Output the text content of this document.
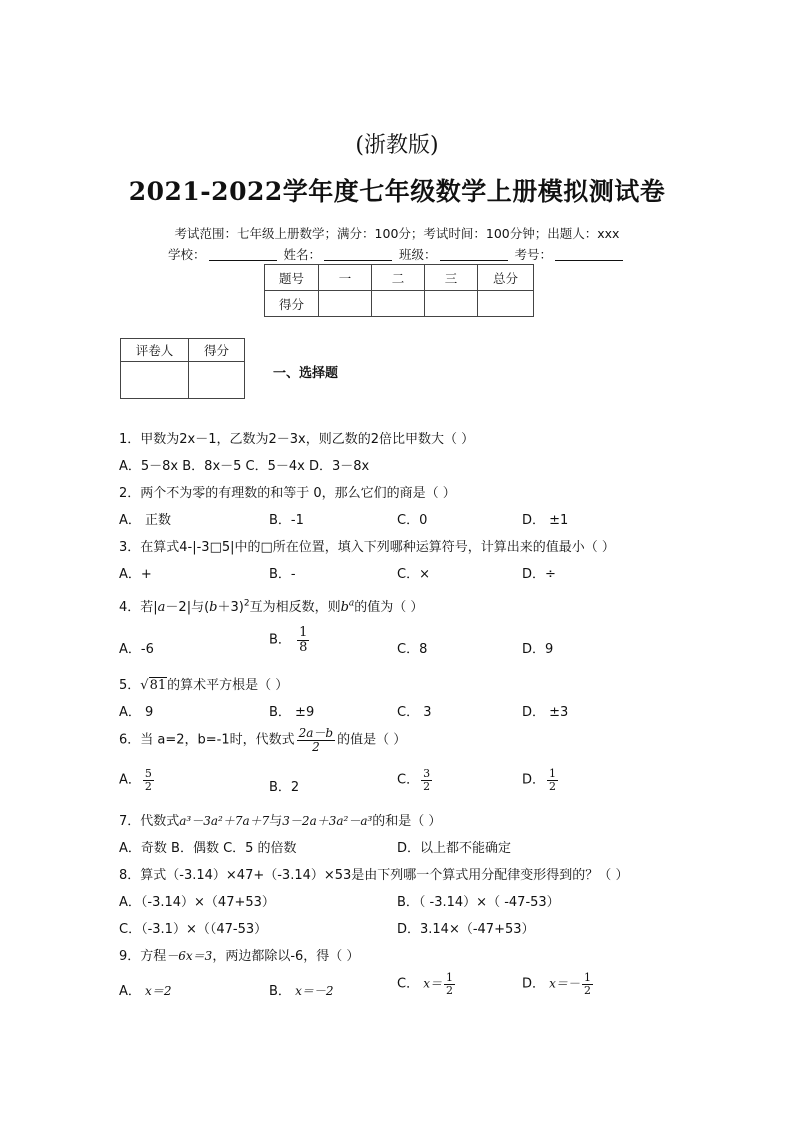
(浙教版)
2021-2022学年度七年级数学上册模拟测试卷
考试范围：七年级上册数学；满分：100分；考试时间：100分钟；出题人：xxx
学校：	姓名：	班级：	考号：
题号	一	二	三	总分
得分				
评卷人	得分

一、选择题
1．甲数为2x－1，乙数为2－3x，则乙数的2倍比甲数大（ ）
A．5－8x B．8x－5 C．5－4x D．3－8x
2．两个不为零的有理数的和等于 0，那么它们的商是（ ）
A． 正数	B．-1	C．0	D． ±1
3．在算式4-|-3□5|中的□所在位置，填入下列哪种运算符号，计算出来的值最小（ ）
A．+	B．-	C．×	D．÷
4．若|a－2|与$(b+3)^2$互为相反数，则$b^a$的值为（ ）
A．-6
B． $\frac{1}{8}$	C．8	D．9
5．√81的算术平方根是（ ）
A． 9	B． ±9	C． 3	D． ±3
6．当 a=2，b=-1时，代数式 $\frac{2a-b}{2}$ 的值是（ ）
A． $\frac{5}{2}$	B．2	C． $\frac{3}{2}$	D． $\frac{1}{2}$
7．代数式a³－3a²＋7a＋7与3－2a＋3a²－a³的和是（ ）
A．奇数 B．偶数 C．5 的倍数	D．以上都不能确定
8．算式（-3.14）×47+（-3.14）×53是由下列哪一个算式用分配律变形得到的？（ ）
A．（-3.14）×（47+53）	B．（ -3.14）×（ -47-53）
C．（-3.1）×（（47-53）	D．3.14×（-47+53）
9．方程－6x＝3，两边都除以-6，得（ ）
A． x＝2	B． x＝－2	C． $x= \frac{1}{2}$	D． $x=- \frac{1}{2}$
